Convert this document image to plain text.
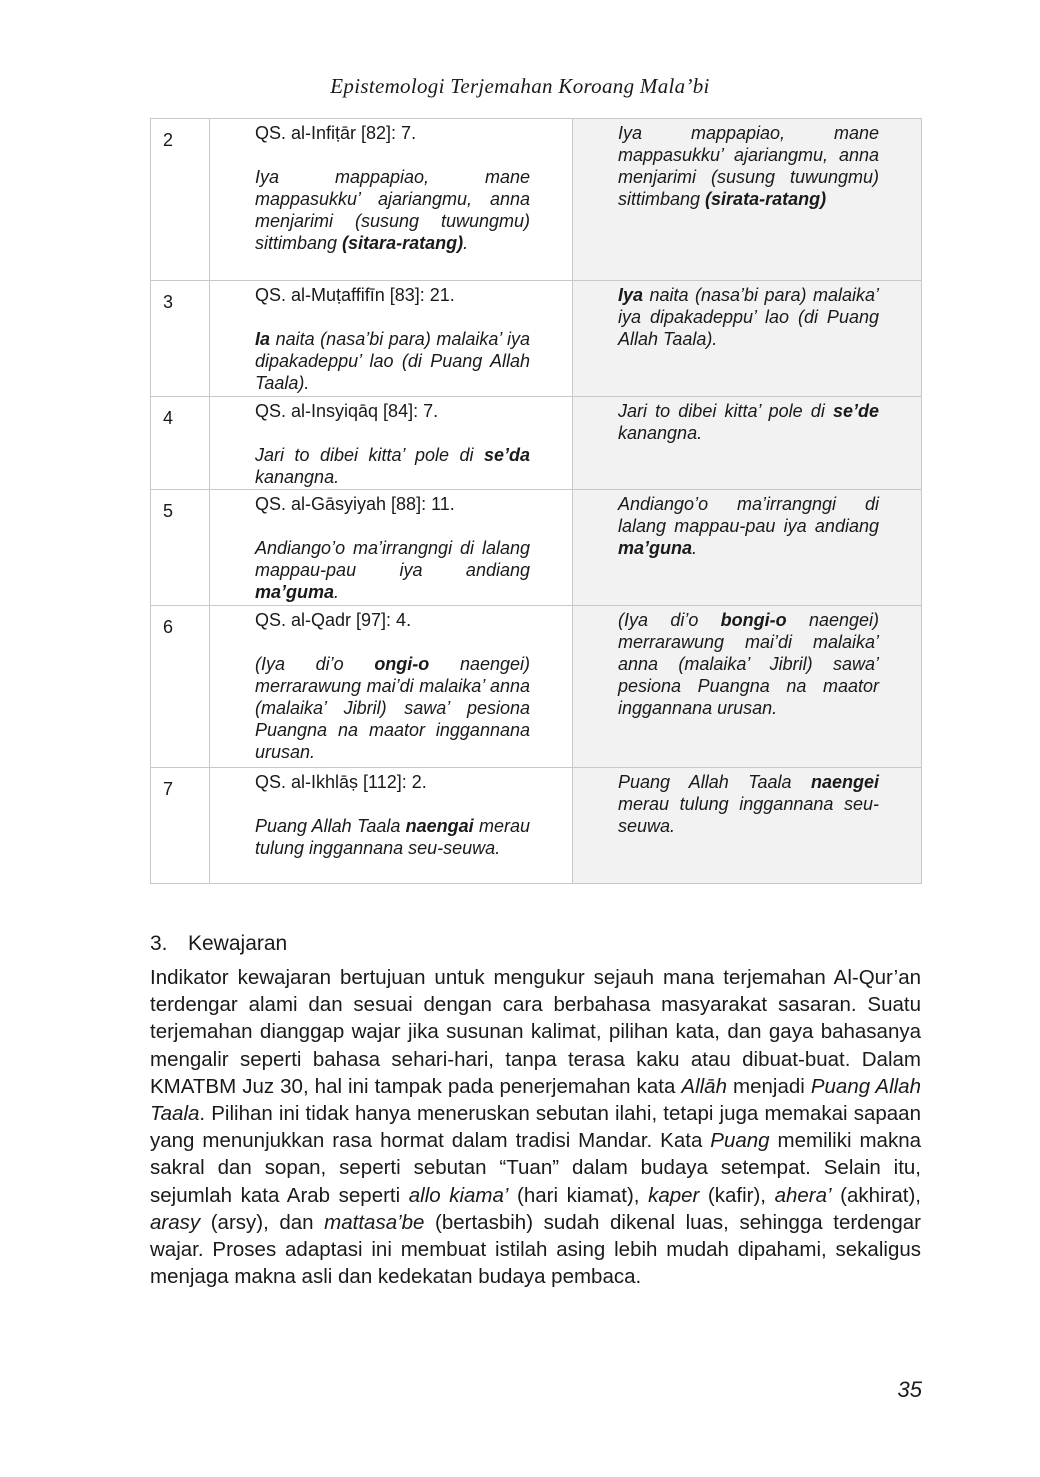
Epistemologi Terjemahan Koroang Mala’bi
2	QS. al-Infiṭār [82]: 7.
Iya mappapiao, mane mappasukku’ ajariangmu, anna menjarimi (susung tuwungmu) sittimbang (sitara-ratang).	Iya mappapiao, mane mappasukku’ ajariangmu, anna menjarimi (susung tuwungmu) sittimbang (sirata-ratang)

3	QS. al-Muṭaffifīn [83]: 21.
Ia naita (nasa’bi para) malaika’ iya dipakadeppu’ lao (di Puang Allah Taala).	Iya naita (nasa’bi para) malaika’ iya dipakadeppu’ lao (di Puang Allah Taala).

4	QS. al-Insyiqāq [84]: 7.
Jari to dibei kitta’ pole di se’da kanangna.	Jari to dibei kitta’ pole di se’de kanangna.

5	QS. al-Gāsyiyah [88]: 11.
Andiango’o ma’irrangngi di lalang mappau-pau iya andiang ma’guma.	Andiango’o ma’irrangngi di lalang mappau-pau iya andiang ma’guna.

6	QS. al-Qadr [97]: 4.
(Iya di’o ongi-o naengei) merrarawung mai’di malaika’ anna (malaika’ Jibril) sawa’ pesiona Puangna na maator inggannana urusan.	(Iya di’o bongi-o naengei) merrarawung mai’di malaika’ anna (malaika’ Jibril) sawa’ pesiona Puangna na maator inggannana urusan.

7	QS. al-Ikhlāṣ [112]: 2.
Puang Allah Taala naengai merau tulung inggannana seu-seuwa.	Puang Allah Taala naengei merau tulung inggannana seu-seuwa.
3. Kewajaran
Indikator kewajaran bertujuan untuk mengukur sejauh mana terjemahan Al-Qur’an terdengar alami dan sesuai dengan cara berbahasa masyarakat sasaran. Suatu terjemahan dianggap wajar jika susunan kalimat, pilihan kata, dan gaya bahasanya mengalir seperti bahasa sehari-hari, tanpa terasa kaku atau dibuat-buat. Dalam KMATBM Juz 30, hal ini tampak pada penerjemahan kata Allāh menjadi Puang Allah Taala. Pilihan ini tidak hanya meneruskan sebutan ilahi, tetapi juga memakai sapaan yang menunjukkan rasa hormat dalam tradisi Mandar. Kata Puang memiliki makna sakral dan sopan, seperti sebutan “Tuan” dalam budaya setempat. Selain itu, sejumlah kata Arab seperti allo kiama’ (hari kiamat), kaper (kafir), ahera’ (akhirat), arasy (arsy), dan mattasa’be (bertasbih) sudah dikenal luas, sehingga terdengar wajar. Proses adaptasi ini membuat istilah asing lebih mudah dipahami, sekaligus menjaga makna asli dan kedekatan budaya pembaca.
35
